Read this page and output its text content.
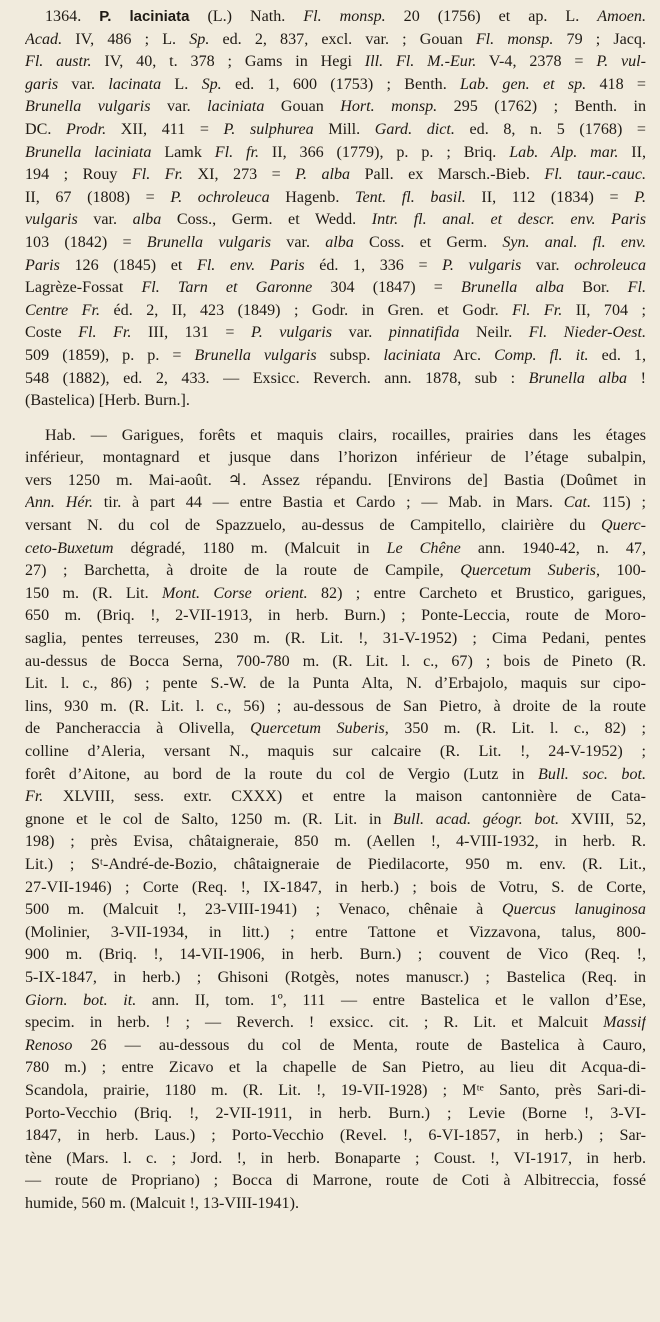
1364. P. laciniata (L.) Nath. Fl. monsp. 20 (1756) et ap. L. Amoen.
Acad. IV, 486 ; L. Sp. ed. 2, 837, excl. var. ; Gouan Fl. monsp. 79 ; Jacq.
Fl. austr. IV, 40, t. 378 ; Gams in Hegi Ill. Fl. M.-Eur. V-4, 2378 = P. vul-
garis var. lacinata L. Sp. ed. 1, 600 (1753) ; Benth. Lab. gen. et sp. 418 =
Brunella vulgaris var. laciniata Gouan Hort. monsp. 295 (1762) ; Benth. in
DC. Prodr. XII, 411 = P. sulphurea Mill. Gard. dict. ed. 8, n. 5 (1768) =
Brunella laciniata Lamk Fl. fr. II, 366 (1779), p. p. ; Briq. Lab. Alp. mar. II,
194 ; Rouy Fl. Fr. XI, 273 = P. alba Pall. ex Marsch.-Bieb. Fl. taur.-cauc.
II, 67 (1808) = P. ochroleuca Hagenb. Tent. fl. basil. II, 112 (1834) = P.
vulgaris var. alba Coss., Germ. et Wedd. Intr. fl. anal. et descr. env. Paris
103 (1842) = Brunella vulgaris var. alba Coss. et Germ. Syn. anal. fl. env.
Paris 126 (1845) et Fl. env. Paris éd. 1, 336 = P. vulgaris var. ochroleuca
Lagrèze-Fossat Fl. Tarn et Garonne 304 (1847) = Brunella alba Bor. Fl.
Centre Fr. éd. 2, II, 423 (1849) ; Godr. in Gren. et Godr. Fl. Fr. II, 704 ;
Coste Fl. Fr. III, 131 = P. vulgaris var. pinnatifida Neilr. Fl. Nieder-Oest.
509 (1859), p. p. = Brunella vulgaris subsp. laciniata Arc. Comp. fl. it. ed. 1,
548 (1882), ed. 2, 433. — Exsicc. Reverch. ann. 1878, sub : Brunella alba !
(Bastelica) [Herb. Burn.].
Hab. — Garigues, forêts et maquis clairs, rocailles, prairies dans les étages
inférieur, montagnard et jusque dans l’horizon inférieur de l’étage subalpin,
vers 1250 m. Mai-août. ♃. Assez répandu. [Environs de] Bastia (Doûmet in
Ann. Hér. tir. à part 44 — entre Bastia et Cardo ; — Mab. in Mars. Cat. 115) ;
versant N. du col de Spazzuelo, au-dessus de Campitello, clairière du Querc-
ceto-Buxetum dégradé, 1180 m. (Malcuit in Le Chêne ann. 1940-42, n. 47,
27) ; Barchetta, à droite de la route de Campile, Quercetum Suberis, 100-
150 m. (R. Lit. Mont. Corse orient. 82) ; entre Carcheto et Brustico, garigues,
650 m. (Briq. !, 2-VII-1913, in herb. Burn.) ; Ponte-Leccia, route de Moro-
saglia, pentes terreuses, 230 m. (R. Lit. !, 31-V-1952) ; Cima Pedani, pentes
au-dessus de Bocca Serna, 700-780 m. (R. Lit. l. c., 67) ; bois de Pineto (R.
Lit. l. c., 86) ; pente S.-W. de la Punta Alta, N. d’Erbajolo, maquis sur cipo-
lins, 930 m. (R. Lit. l. c., 56) ; au-dessous de San Pietro, à droite de la route
de Pancheraccia à Olivella, Quercetum Suberis, 350 m. (R. Lit. l. c., 82) ;
colline d’Aleria, versant N., maquis sur calcaire (R. Lit. !, 24-V-1952) ;
forêt d’Aitone, au bord de la route du col de Vergio (Lutz in Bull. soc. bot.
Fr. XLVIII, sess. extr. CXXX) et entre la maison cantonnière de Cata-
gnone et le col de Salto, 1250 m. (R. Lit. in Bull. acad. géogr. bot. XVIII, 52,
198) ; près Evisa, châtaigneraie, 850 m. (Aellen !, 4-VIII-1932, in herb. R.
Lit.) ; Sᵗ-André-de-Bozio, châtaigneraie de Piedilacorte, 950 m. env. (R. Lit.,
27-VII-1946) ; Corte (Req. !, IX-1847, in herb.) ; bois de Votru, S. de Corte,
500 m. (Malcuit !, 23-VIII-1941) ; Venaco, chênaie à Quercus lanuginosa
(Molinier, 3-VII-1934, in litt.) ; entre Tattone et Vizzavona, talus, 800-
900 m. (Briq. !, 14-VII-1906, in herb. Burn.) ; couvent de Vico (Req. !,
5-IX-1847, in herb.) ; Ghisoni (Rotgès, notes manuscr.) ; Bastelica (Req. in
Giorn. bot. it. ann. II, tom. 1º, 111 — entre Bastelica et le vallon d’Ese,
specim. in herb. ! ; — Reverch. ! exsicc. cit. ; R. Lit. et Malcuit Massif
Renoso 26 — au-dessous du col de Menta, route de Bastelica à Cauro,
780 m.) ; entre Zicavo et la chapelle de San Pietro, au lieu dit Acqua-di-
Scandola, prairie, 1180 m. (R. Lit. !, 19-VII-1928) ; Mᵗᵉ Santo, près Sari-di-
Porto-Vecchio (Briq. !, 2-VII-1911, in herb. Burn.) ; Levie (Borne !, 3-VI-
1847, in herb. Laus.) ; Porto-Vecchio (Revel. !, 6-VI-1857, in herb.) ; Sar-
tène (Mars. l. c. ; Jord. !, in herb. Bonaparte ; Coust. !, VI-1917, in herb.
— route de Propriano) ; Bocca di Marrone, route de Coti à Albitreccia, fossé
humide, 560 m. (Malcuit !, 13-VIII-1941).
